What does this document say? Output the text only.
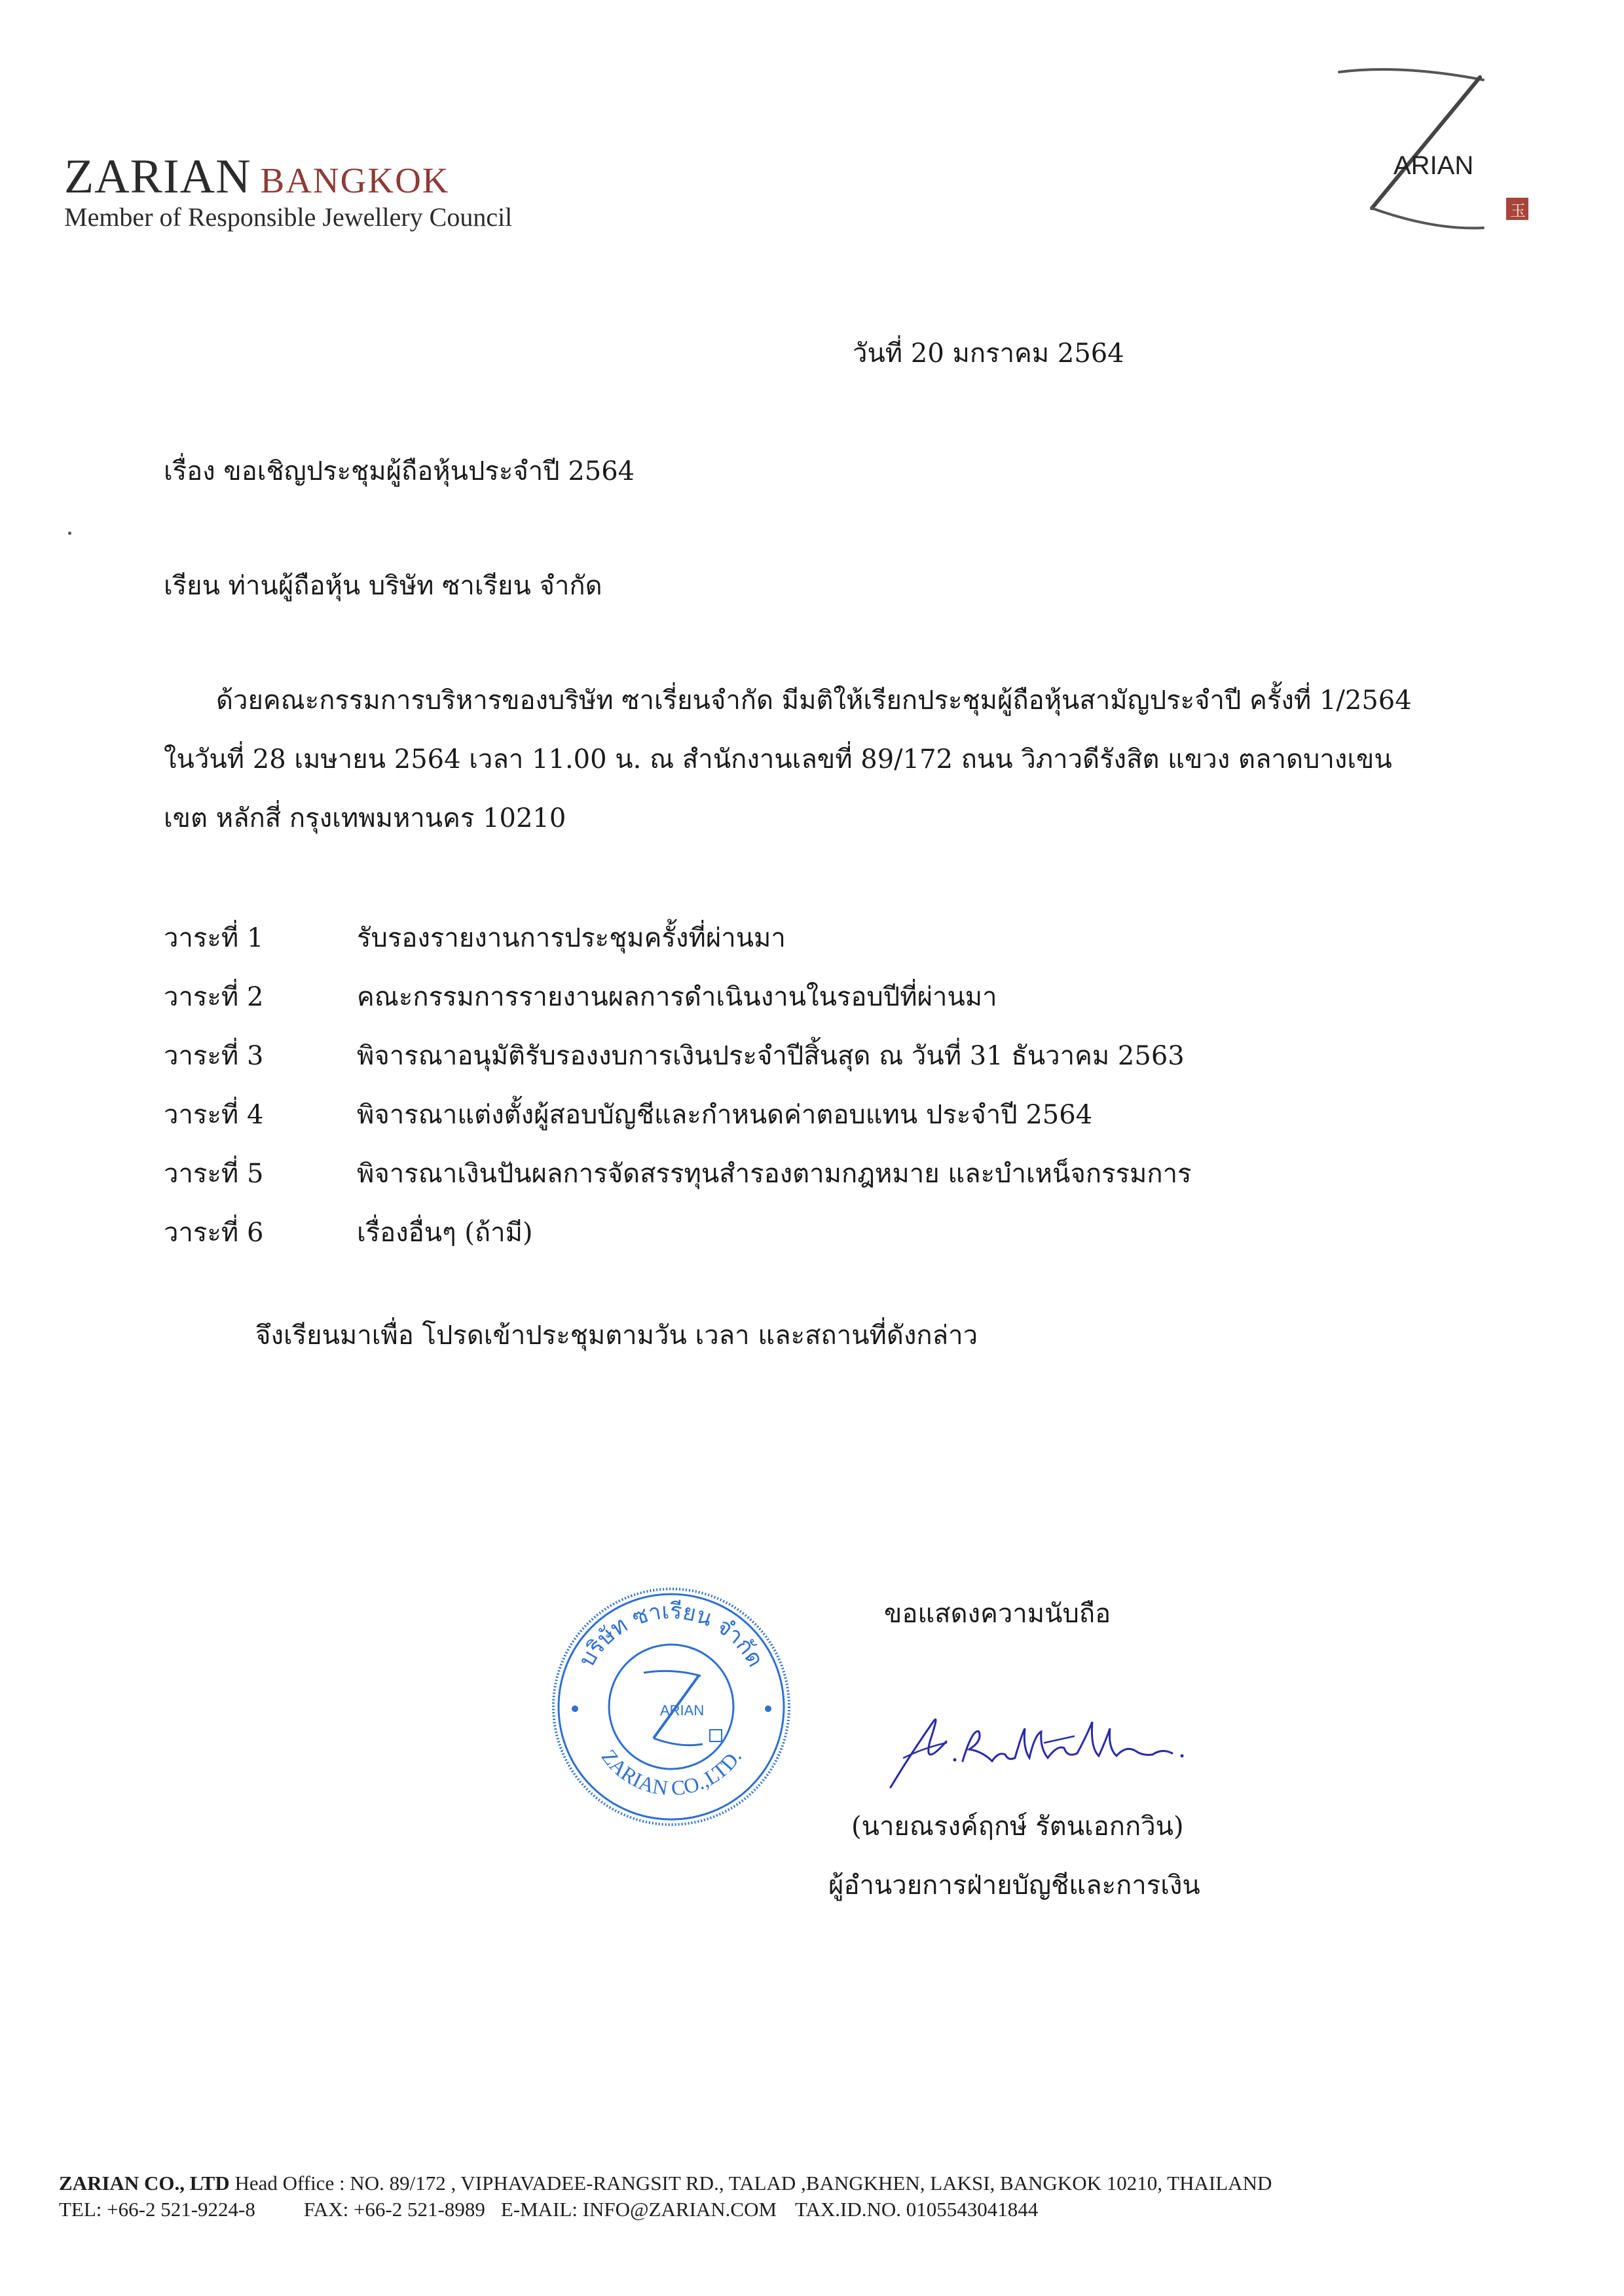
ZARIAN BANGKOK
Member of Responsible Jewellery Council
ARIAN
玉
วันที่ 20 มกราคม 2564
เรื่อง ขอเชิญประชุมผู้ถือหุ้นประจำปี 2564
เรียน ท่านผู้ถือหุ้น บริษัท ซาเรียน จำกัด
ด้วยคณะกรรมการบริหารของบริษัท ซาเรี่ยนจำกัด มีมติให้เรียกประชุมผู้ถือหุ้นสามัญประจำปี ครั้งที่ 1/2564
ในวันที่ 28 เมษายน 2564 เวลา 11.00 น. ณ สำนักงานเลขที่ 89/172 ถนน วิภาวดีรังสิต แขวง ตลาดบางเขน
เขต หลักสี่ กรุงเทพมหานคร 10210
วาระที่ 1	รับรองรายงานการประชุมครั้งที่ผ่านมา
วาระที่ 2	คณะกรรมการรายงานผลการดำเนินงานในรอบปีที่ผ่านมา
วาระที่ 3	พิจารณาอนุมัติรับรองงบการเงินประจำปีสิ้นสุด ณ วันที่ 31 ธันวาคม 2563
วาระที่ 4	พิจารณาแต่งตั้งผู้สอบบัญชีและกำหนดค่าตอบแทน ประจำปี 2564
วาระที่ 5	พิจารณาเงินปันผลการจัดสรรทุนสำรองตามกฎหมาย และบำเหน็จกรรมการ
วาระที่ 6	เรื่องอื่นๆ (ถ้ามี)
จึงเรียนมาเพื่อ โปรดเข้าประชุมตามวัน เวลา และสถานที่ดังกล่าว
ขอแสดงความนับถือ
บริษัท ซาเรียน จำกัด
ZARIAN CO.,LTD.
ARIAN
(นายณรงค์ฤกษ์ รัตนเอกกวิน)
ผู้อำนวยการฝ่ายบัญชีและการเงิน
ZARIAN CO., LTD Head Office : NO. 89/172 , VIPHAVADEE-RANGSIT RD., TALAD ,BANGKHEN, LAKSI, BANGKOK 10210, THAILAND
TEL: +66-2 521-9224-8 FAX: +66-2 521-8989 E-MAIL: INFO@ZARIAN.COM TAX.ID.NO. 0105543041844
